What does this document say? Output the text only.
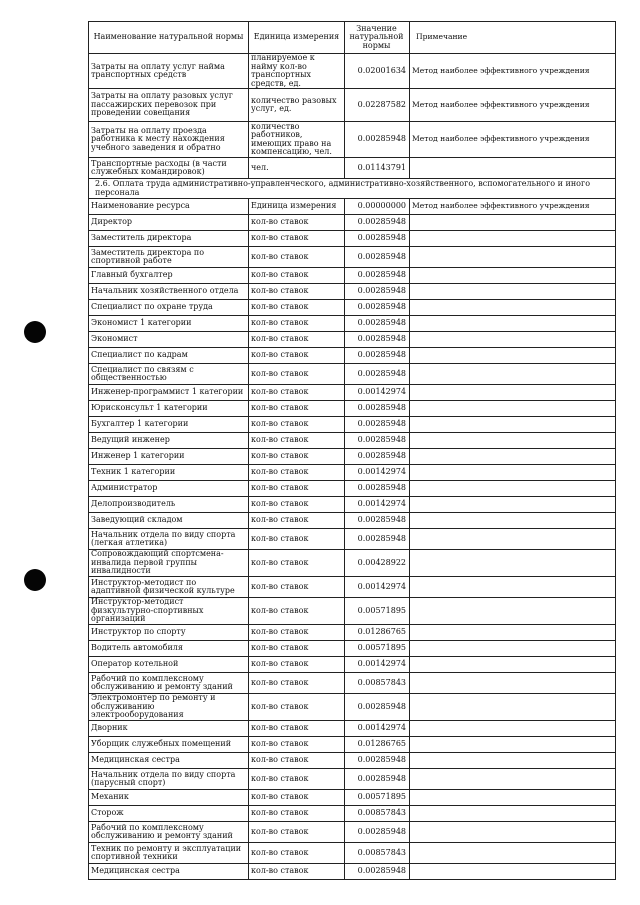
Наименование натуральной нормы	Единица измерения	Значение натуральной нормы	Примечание
Затраты на оплату услуг найма транспортных средств	планируемое к найму кол-во транспортных средств, ед.	0.02001634	Метод наиболее эффективного учреждения
Затраты на оплату разовых услуг пассажирских перевозок при проведении совещания	количество разовых услуг, ед.	0.02287582	Метод наиболее эффективного учреждения
Затраты на оплату проезда работника к месту нахождения учебного заведения и обратно	количество работников, имеющих право на компенсацию, чел.	0.00285948	Метод наиболее эффективного учреждения
Транспортные расходы (в части служебных командировок)	чел.	0.01143791	
2.6. Оплата труда административно-управленческого, административно-хозяйственного, вспомогательного и иного персонала			
Наименование ресурса	Единица измерения	0.00000000	Метод наиболее эффективного учреждения
Директор	кол-во ставок	0.00285948	
Заместитель директора	кол-во ставок	0.00285948	
Заместитель директора по спортивной работе	кол-во ставок	0.00285948	
Главный бухгалтер	кол-во ставок	0.00285948	
Начальник хозяйственного отдела	кол-во ставок	0.00285948	
Специалист по охране труда	кол-во ставок	0.00285948	
Экономист 1 категории	кол-во ставок	0.00285948	
Экономист	кол-во ставок	0.00285948	
Специалист по кадрам	кол-во ставок	0.00285948	
Специалист по связям с общественностью	кол-во ставок	0.00285948	
Инженер-программист 1 категории	кол-во ставок	0.00142974	
Юрисконсульт 1 категории	кол-во ставок	0.00285948	
Бухгалтер 1 категории	кол-во ставок	0.00285948	
Ведущий инженер	кол-во ставок	0.00285948	
Инженер 1 категории	кол-во ставок	0.00285948	
Техник 1 категории	кол-во ставок	0.00142974	
Администратор	кол-во ставок	0.00285948	
Делопроизводитель	кол-во ставок	0.00142974	
Заведующий складом	кол-во ставок	0.00285948	
Начальник отдела по виду спорта (легкая атлетика)	кол-во ставок	0.00285948	
Сопровождающий спортсмена-инвалида первой группы инвалидности	кол-во ставок	0.00428922	
Инструктор-методист по адаптивной физической культуре	кол-во ставок	0.00142974	
Инструктор-методист физкультурно-спортивных организаций	кол-во ставок	0.00571895	
Инструктор по спорту	кол-во ставок	0.01286765	
Водитель автомобиля	кол-во ставок	0.00571895	
Оператор котельной	кол-во ставок	0.00142974	
Рабочий по комплексному обслуживанию и ремонту зданий	кол-во ставок	0.00857843	
Электромонтер по ремонту и обслуживанию электрооборудования	кол-во ставок	0.00285948	
Дворник	кол-во ставок	0.00142974	
Уборщик служебных помещений	кол-во ставок	0.01286765	
Медицинская сестра	кол-во ставок	0.00285948	
Начальник отдела по виду спорта (парусный спорт)	кол-во ставок	0.00285948	
Механик	кол-во ставок	0.00571895	
Сторож	кол-во ставок	0.00857843	
Рабочий по комплексному обслуживанию и ремонту зданий	кол-во ставок	0.00285948	
Техник по ремонту и эксплуатации спортивной техники	кол-во ставок	0.00857843	
Медицинская сестра	кол-во ставок	0.00285948	
